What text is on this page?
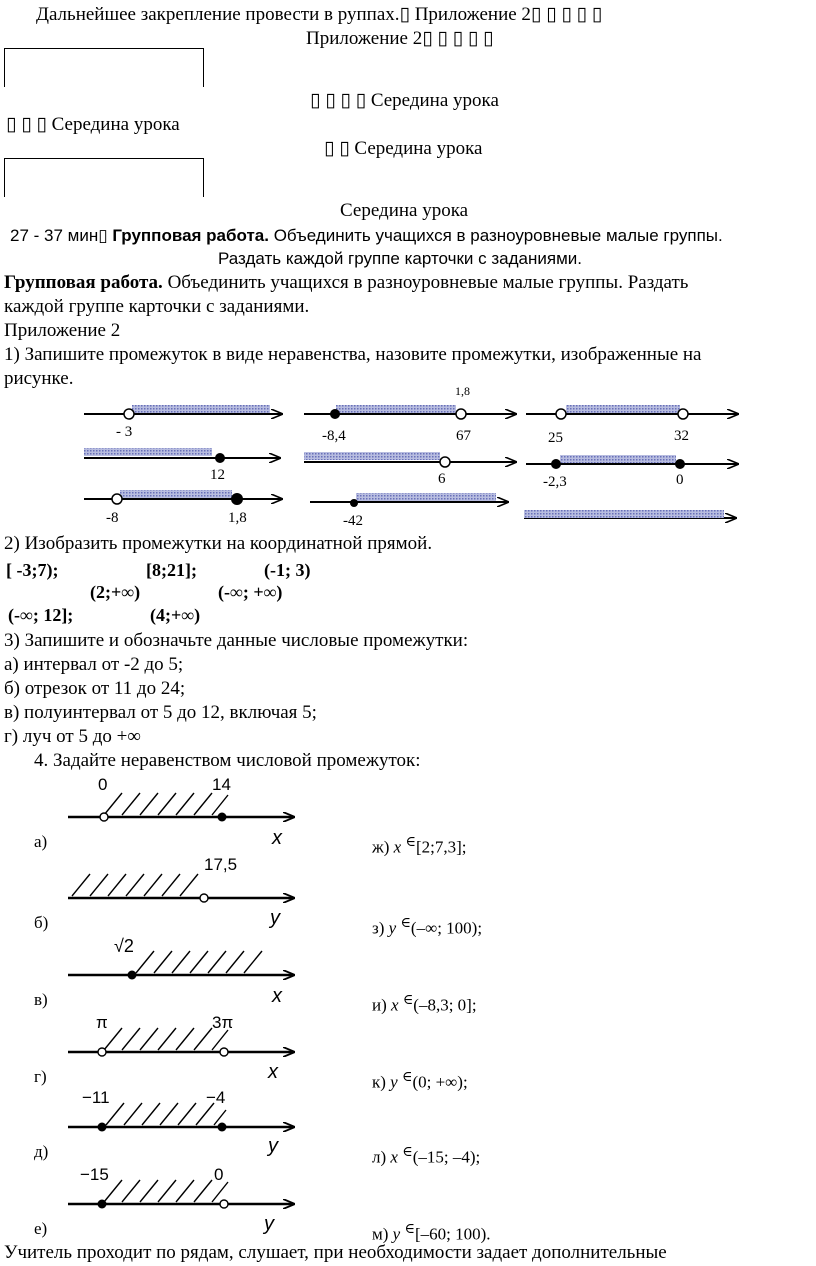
Дальнейшее закрепление провести в руппах.▯ Приложение 2▯ ▯ ▯ ▯ ▯
Приложение 2▯ ▯ ▯ ▯ ▯
▯ ▯ ▯ ▯ Середина урока
▯ ▯ ▯ Середина урока
▯ ▯ Середина урока
Середина урока
27 - 37 мин▯ Групповая работа. Объединить учащихся в разноуровневые малые группы.
Раздать каждой группе карточки с заданиями.
Групповая работа. Объединить учащихся в разноуровневые малые группы. Раздать
каждой группе карточки с заданиями.
Приложение 2
1) Запишите промежуток в виде неравенства, назовите промежутки, изображенные на
рисунке.
- 3	-8,4	67
1,8
25	32
12	6	-2,3	0
-8	1,8	-42
2) Изобразить промежутки на координатной прямой.
[ -3;7);	[8;21];	(-1; 3)
(2;+∞)	(-∞; +∞)
(-∞; 12];	(4;+∞)
3) Запишите и обозначьте данные числовые промежутки:
а) интервал от -2 до 5;
б) отрезок от 11 до 24;
в) полуинтервал от 5 до 12, включая 5;
г) луч от 5 до +∞
4. Задайте неравенством числовой промежуток:
0	14
x
17,5
y
√2
x
π	3π
x
−11	−4
y
−15	0
y
а)
б)
в)
г)
д)
е)
ж) x ∈[2;7,3];
з) y ∈(–∞; 100);
и) x ∈(–8,3; 0];
к) y ∈(0; +∞);
л) x ∈(–15; –4);
м) y ∈[–60; 100).
Учитель проходит по рядам, слушает, при необходимости задает дополнительные
